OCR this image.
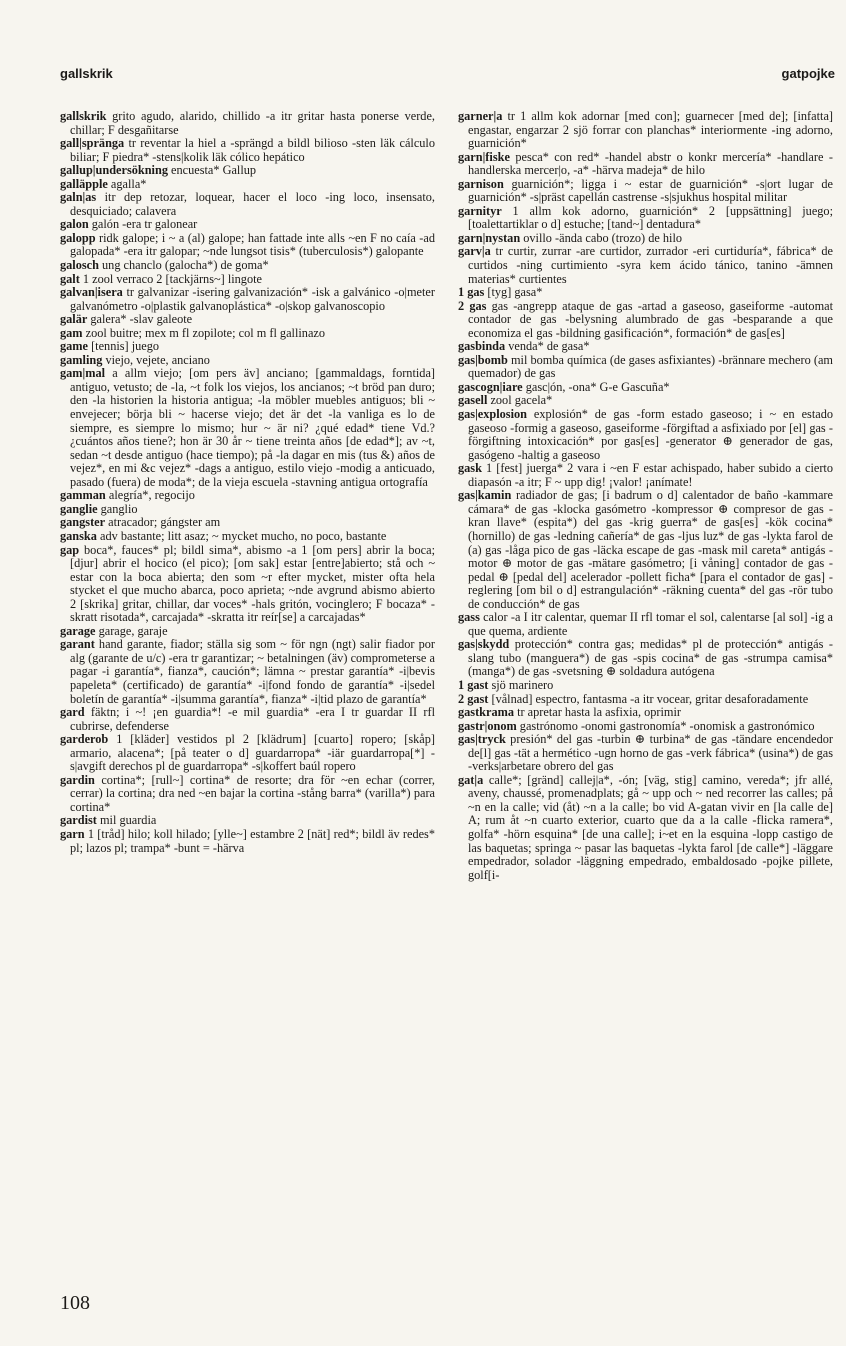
gallskrik	gatpojke

gallskrik grito agudo, alarido, chillido -a itr gritar hasta ponerse verde, chillar; F desgañitarse

gall|spränga tr reventar la hiel a -sprängd a bildl bilioso -sten läk cálculo biliar; F piedra* -stens|kolik läk cólico hepático

gallup|undersökning encuesta* Gallup

galläpple agalla*

galn|as itr dep retozar, loquear, hacer el loco -ing loco, insensato, desquiciado; calavera

galon galón -era tr galonear

galopp ridk galope; i ~ a (al) galope; han fattade inte alls ~en F no caía -ad galopada* -era itr galopar; ~nde lungsot tisis* (tuberculosis*) galopante

galosch ung chanclo (galocha*) de goma*

galt 1 zool verraco 2 [tackjärns~] lingote

galvan|isera tr galvanizar -isering galvanización* -isk a galvánico -o|meter galvanómetro -o|plastik galvanoplástica* -o|skop galvanoscopio

galär galera* -slav galeote

gam zool buitre; mex m fl zopilote; col m fl gallinazo

game [tennis] juego

gamling viejo, vejete, anciano

gam|mal a allm viejo; [om pers äv] anciano; [gammaldags, forntida] antiguo, vetusto; de -la, ~t folk los viejos, los ancianos; ~t bröd pan duro; den -la historien la historia antigua; -la möbler muebles antiguos; bli ~ envejecer; börja bli ~ hacerse viejo; det är det -la vanliga es lo de siempre, es siempre lo mismo; hur ~ är ni? ¿qué edad* tiene Vd.? ¿cuántos años tiene?; hon är 30 år ~ tiene treinta años [de edad*]; av ~t, sedan ~t desde antiguo (hace tiempo); på -la dagar en mis (tus &) años de vejez*, en mi &c vejez* -dags a antiguo, estilo viejo -modig a anticuado, pasado (fuera) de moda*; de la vieja escuela -stavning antigua ortografía

gamman alegría*, regocijo

ganglie ganglio

gangster atracador; gángster am

ganska adv bastante; litt asaz; ~ mycket mucho, no poco, bastante

gap boca*, fauces* pl; bildl sima*, abismo -a 1 [om pers] abrir la boca; [djur] abrir el hocico (el pico); [om sak] estar [entre]abierto; stå och ~ estar con la boca abierta; den som ~r efter mycket, mister ofta hela stycket el que mucho abarca, poco aprieta; ~nde avgrund abismo abierto 2 [skrika] gritar, chillar, dar voces* -hals gritón, vocinglero; F bocaza* -skratt risotada*, carcajada* -skratta itr reír[se] a carcajadas*

garage garage, garaje

garant hand garante, fiador; ställa sig som ~ för ngn (ngt) salir fiador por alg (garante de u/c) -era tr garantizar; ~ betalningen (äv) comprometerse a pagar -i garantía*, fianza*, caución*; lämna ~ prestar garantía* -i|bevis papeleta* (certificado) de garantía* -i|fond fondo de garantía* -i|sedel boletín de garantía* -i|summa garantía*, fianza* -i|tid plazo de garantía*

gard fäktn; i ~! ¡en guardia*! -e mil guardia* -era I tr guardar II rfl cubrirse, defenderse

garderob 1 [kläder] vestidos pl 2 [klädrum] [cuarto] ropero; [skåp] armario, alacena*; [på teater o d] guardarropa* -iär guardarropa[*] -s|avgift derechos pl de guardarropa* -s|koffert baúl ropero

gardin cortina*; [rull~] cortina* de resorte; dra för ~en echar (correr, cerrar) la cortina; dra ned ~en bajar la cortina -stång barra* (varilla*) para cortina*

gardist mil guardia

garn 1 [tråd] hilo; koll hilado; [ylle~] estambre 2 [nät] red*; bildl äv redes* pl; lazos pl; trampa* -bunt = -härva

garner|a tr 1 allm kok adornar [med con]; guarnecer [med de]; [infatta] engastar, engarzar 2 sjö forrar con planchas* interiormente -ing adorno, guarnición*

garn|fiske pesca* con red* -handel abstr o konkr mercería* -handlare -handlerska mercer|o, -a* -härva madeja* de hilo

garnison guarnición*; ligga i ~ estar de guarnición* -s|ort lugar de guarnición* -s|präst capellán castrense -s|sjukhus hospital militar

garnityr 1 allm kok adorno, guarnición* 2 [uppsättning] juego; [toalettartiklar o d] estuche; [tand~] dentadura*

garn|nystan ovillo -ända cabo (trozo) de hilo

garv|a tr curtir, zurrar -are curtidor, zurrador -eri curtiduría*, fábrica* de curtidos -ning curtimiento -syra kem ácido tánico, tanino -ämnen materias* curtientes

1 gas [tyg] gasa*

2 gas gas -angrepp ataque de gas -artad a gaseoso, gaseiforme -automat contador de gas -belysning alumbrado de gas -besparande a que economiza el gas -bildning gasificación*, formación* de gas[es]

gasbinda venda* de gasa*

gas|bomb mil bomba química (de gases asfixiantes) -brännare mechero (am quemador) de gas

gascogn|iare gasc|ón, -ona* G-e Gascuña*

gasell zool gacela*

gas|explosion explosión* de gas -form estado gaseoso; i ~ en estado gaseoso -formig a gaseoso, gaseiforme -förgiftad a asfixiado por [el] gas -förgiftning intoxicación* por gas[es] -generator ⊕ generador de gas, gasógeno -haltig a gaseoso

gask 1 [fest] juerga* 2 vara i ~en F estar achispado, haber subido a cierto diapasón -a itr; F ~ upp dig! ¡valor! ¡anímate!

gas|kamin radiador de gas; [i badrum o d] calentador de baño -kammare cámara* de gas -klocka gasómetro -kompressor ⊕ compresor de gas -kran llave* (espita*) del gas -krig guerra* de gas[es] -kök cocina* (hornillo) de gas -ledning cañería* de gas -ljus luz* de gas -lykta farol de (a) gas -låga pico de gas -läcka escape de gas -mask mil careta* antigás -motor ⊕ motor de gas -mätare gasómetro; [i våning] contador de gas -pedal ⊕ [pedal del] acelerador -pollett ficha* [para el contador de gas] -reglering [om bil o d] estrangulación* -räkning cuenta* del gas -rör tubo de conducción* de gas

gass calor -a I itr calentar, quemar II rfl tomar el sol, calentarse [al sol] -ig a que quema, ardiente

gas|skydd protección* contra gas; medidas* pl de protección* antigás -slang tubo (manguera*) de gas -spis cocina* de gas -strumpa camisa* (manga*) de gas -svetsning ⊕ soldadura autógena

1 gast sjö marinero

2 gast [vålnad] espectro, fantasma -a itr vocear, gritar desaforadamente

gastkrama tr apretar hasta la asfixia, oprimir

gastr|onom gastrónomo -onomi gastronomía* -onomisk a gastronómico

gas|tryck presión* del gas -turbin ⊕ turbina* de gas -tändare encendedor de[l] gas -tät a hermético -ugn horno de gas -verk fábrica* (usina*) de gas -verks|arbetare obrero del gas

gat|a calle*; [gränd] callej|a*, -ón; [väg, stig] camino, vereda*; jfr allé, aveny, chaussé, promenadplats; gå ~ upp och ~ ned recorrer las calles; på ~n en la calle; vid (åt) ~n a la calle; bo vid A-gatan vivir en [la calle de] A; rum åt ~n cuarto exterior, cuarto que da a la calle -flicka ramera*, golfa* -hörn esquina* [de una calle]; i~et en la esquina -lopp castigo de las baquetas; springa ~ pasar las baquetas -lykta farol [de calle*] -läggare empedrador, solador -läggning empedrado, embaldosado -pojke pillete, golf[i-

108
